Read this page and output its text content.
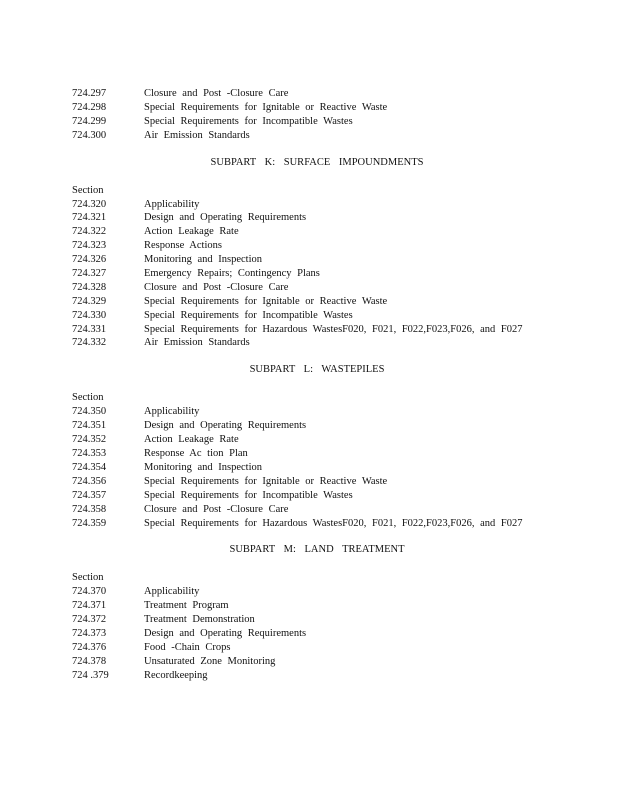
724.297	Closure and Post -Closure Care
724.298	Special Requirements for Ignitable or Reactive Waste
724.299	Special Requirements for Incompatible Wastes
724.300	Air Emission Standards
SUBPART K: SURFACE IMPOUNDMENTS
Section
724.320	Applicability
724.321	Design and Operating Requirements
724.322	Action Leakage Rate
724.323	Response Actions
724.326	Monitoring and Inspection
724.327	Emergency Repairs; Contingency Plans
724.328	Closure and Post -Closure Care
724.329	Special Requirements for Ignitable or Reactive Waste
724.330	Special Requirements for Incompatible Wastes
724.331	Special Requirements for Hazardous WastesF020, F021, F022,F023,F026, and F027
724.332	Air Emission Standards
SUBPART L: WASTEPILES
Section
724.350	Applicability
724.351	Design and Operating Requirements
724.352	Action Leakage Rate
724.353	Response Ac tion Plan
724.354	Monitoring and Inspection
724.356	Special Requirements for Ignitable or Reactive Waste
724.357	Special Requirements for Incompatible Wastes
724.358	Closure and Post -Closure Care
724.359	Special Requirements for Hazardous WastesF020, F021, F022,F023,F026, and F027
SUBPART M: LAND TREATMENT
Section
724.370	Applicability
724.371	Treatment Program
724.372	Treatment Demonstration
724.373	Design and Operating Requirements
724.376	Food -Chain Crops
724.378	Unsaturated Zone Monitoring
724 .379	Recordkeeping
